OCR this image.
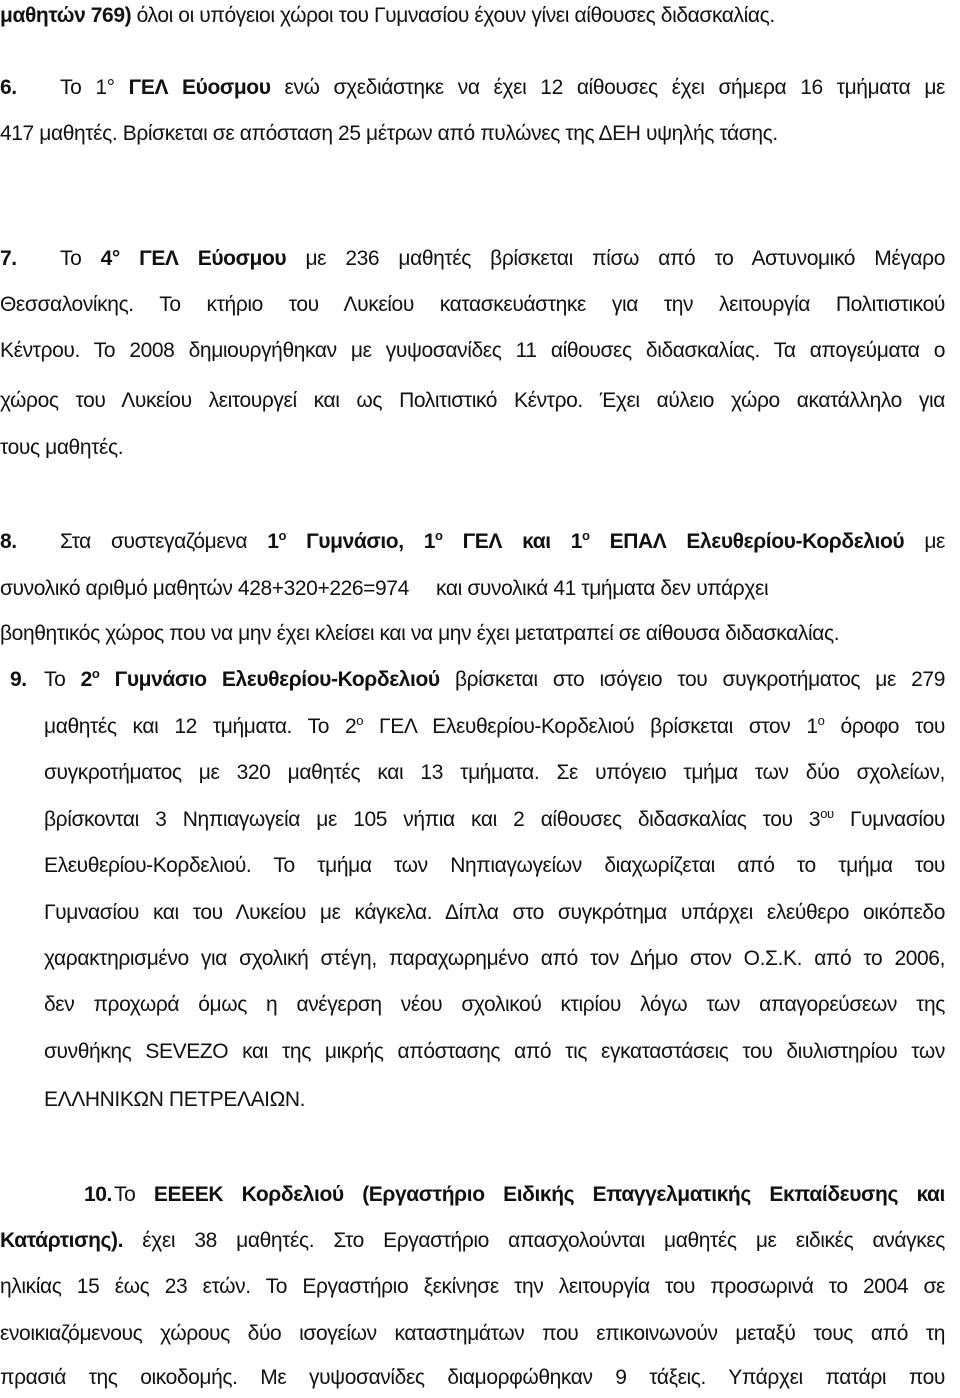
μαθητών 769) όλοι οι υπόγειοι χώροι του Γυμνασίου έχουν γίνει αίθουσες διδασκαλίας.
6. Το 1° ΓΕΛ Εύοσμου ενώ σχεδιάστηκε να έχει 12 αίθουσες έχει σήμερα 16 τμήματα με
417 μαθητές. Βρίσκεται σε απόσταση 25 μέτρων από πυλώνες της ΔΕΗ υψηλής τάσης.
7. Το 4° ΓΕΛ Εύοσμου με 236 μαθητές βρίσκεται πίσω από το Αστυνομικό Μέγαρο
Θεσσαλονίκης. Το κτήριο του Λυκείου κατασκευάστηκε για την λειτουργία Πολιτιστικού
Κέντρου. Το 2008 δημιουργήθηκαν με γυψοσανίδες 11 αίθουσες διδασκαλίας. Τα απογεύματα ο
χώρος του Λυκείου λειτουργεί και ως Πολιτιστικό Κέντρο. Έχει αύλειο χώρο ακατάλληλο για
τους μαθητές.
8. Στα συστεγαζόμενα $1^o$ Γυμνάσιο, $1^o$ ΓΕΛ και $1^o$ ΕΠΑΛ Ελευθερίου-Κορδελιού με
συνολικό αριθμό μαθητών 428+320+226=974     και συνολικά 41 τμήματα δεν υπάρχει
βοηθητικός χώρος που να μην έχει κλείσει και να μην έχει μετατραπεί σε αίθουσα διδασκαλίας.
9. Το $2^o$ Γυμνάσιο Ελευθερίου-Κορδελιού βρίσκεται στο ισόγειο του συγκροτήματος με 279
μαθητές και 12 τμήματα. Το $2^o$ ΓΕΛ Ελευθερίου-Κορδελιού βρίσκεται στον $1^o$ όροφο του
συγκροτήματος με 320 μαθητές και 13 τμήματα. Σε υπόγειο τμήμα των δύο σχολείων,
βρίσκονται 3 Νηπιαγωγεία με 105 νήπια και 2 αίθουσες διδασκαλίας του $3^{o\upsilon}$ Γυμνασίου
Ελευθερίου-Κορδελιού. Το τμήμα των Νηπιαγωγείων διαχωρίζεται από το τμήμα του
Γυμνασίου και του Λυκείου με κάγκελα. Δίπλα στο συγκρότημα υπάρχει ελεύθερο οικόπεδο
χαρακτηρισμένο για σχολική στέγη, παραχωρημένο από τον Δήμο στον Ο.Σ.Κ. από το 2006,
δεν προχωρά όμως η ανέγερση νέου σχολικού κτιρίου λόγω των απαγορεύσεων της
συνθήκης SEVEZO και της μικρής απόστασης από τις εγκαταστάσεις του διυλιστηρίου των
ΕΛΛΗΝΙΚΩΝ ΠΕΤΡΕΛΑΙΩΝ.
10.Το ΕΕΕΕΚ Κορδελιού (Εργαστήριο Ειδικής Επαγγελματικής Εκπαίδευσης και
Κατάρτισης). έχει 38 μαθητές. Στο Εργαστήριο απασχολούνται μαθητές με ειδικές ανάγκες
ηλικίας 15 έως 23 ετών. Το Εργαστήριο ξεκίνησε την λειτουργία του προσωρινά το 2004 σε
ενοικιαζόμενους χώρους δύο ισογείων καταστημάτων που επικοινωνούν μεταξύ τους από τη
πρασιά της οικοδομής. Με γυψοσανίδες διαμορφώθηκαν 9 τάξεις. Υπάρχει πατάρι που
